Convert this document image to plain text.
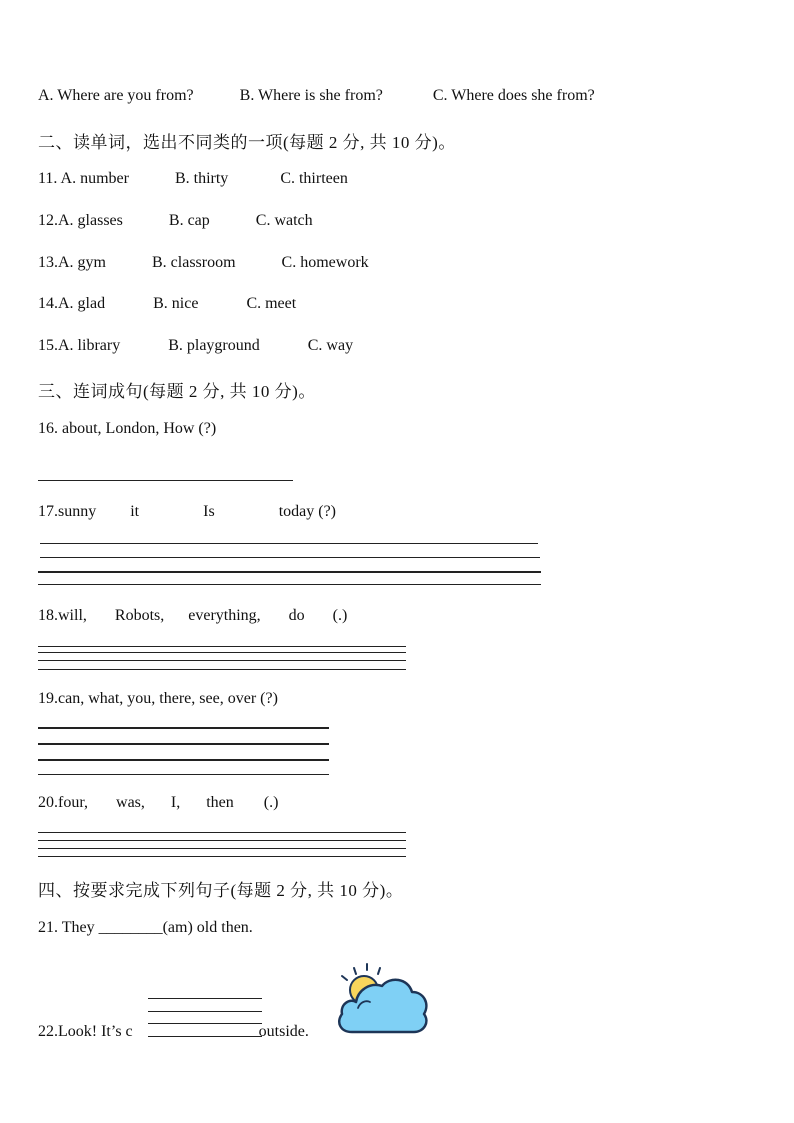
A. Where are you from?	B. Where is she from?	C. Where does she from?
二、读单词，选出不同类的一项(每题 2 分, 共 10 分)。
11. A. number	B. thirty	C. thirteen
12.A. glasses	B. cap	C. watch
13.A. gym	B. classroom	C. homework
14.A. glad	B. nice	C. meet
15.A. library	B. playground	C. way
三、连词成句(每题 2 分, 共 10 分)。
16. about, London, How (?)
17.sunny it	Is	today (?)
18.will, Robots, everything, do (.)
19.can, what, you, there, see, over (?)
20.four, was, I, then (.)
四、按要求完成下列句子(每题 2 分, 共 10 分)。
21. They ________(am) old then.
22.Look! It’s c	outside.
